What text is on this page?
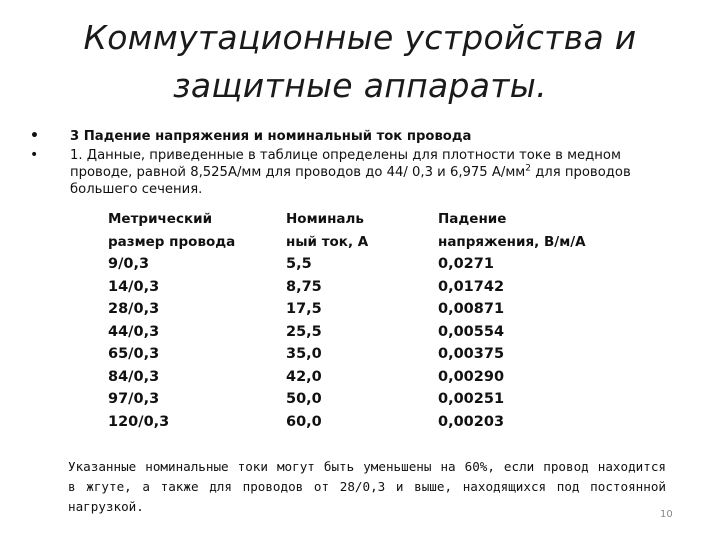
Коммутационные устройства и
защитные аппараты.
• 3 Падение напряжения и номинальный ток провода
• 1. Данные, приведенные в таблице определены для плотности токе в медном проводе, равной 8,525А/мм для проводов до 44/ 0,3 и 6,975 $А/мм^2$ для проводов большего сечения.
Метрический	Номиналь	Падение
размер провода	ный ток, А	напряжения, В/м/А
9/0,3	5,5	0,0271
14/0,3	8,75	0,01742
28/0,3	17,5	0,00871
44/0,3	25,5	0,00554
65/0,3	35,0	0,00375
84/0,3	42,0	0,00290
97/0,3	50,0	0,00251
120/0,3	60,0	0,00203
Указанные номинальные токи могут быть уменьшены на 60%, если провод находится в жгуте, а также для проводов от 28/0,3 и выше, находящихся под постоянной нагрузкой.
10
